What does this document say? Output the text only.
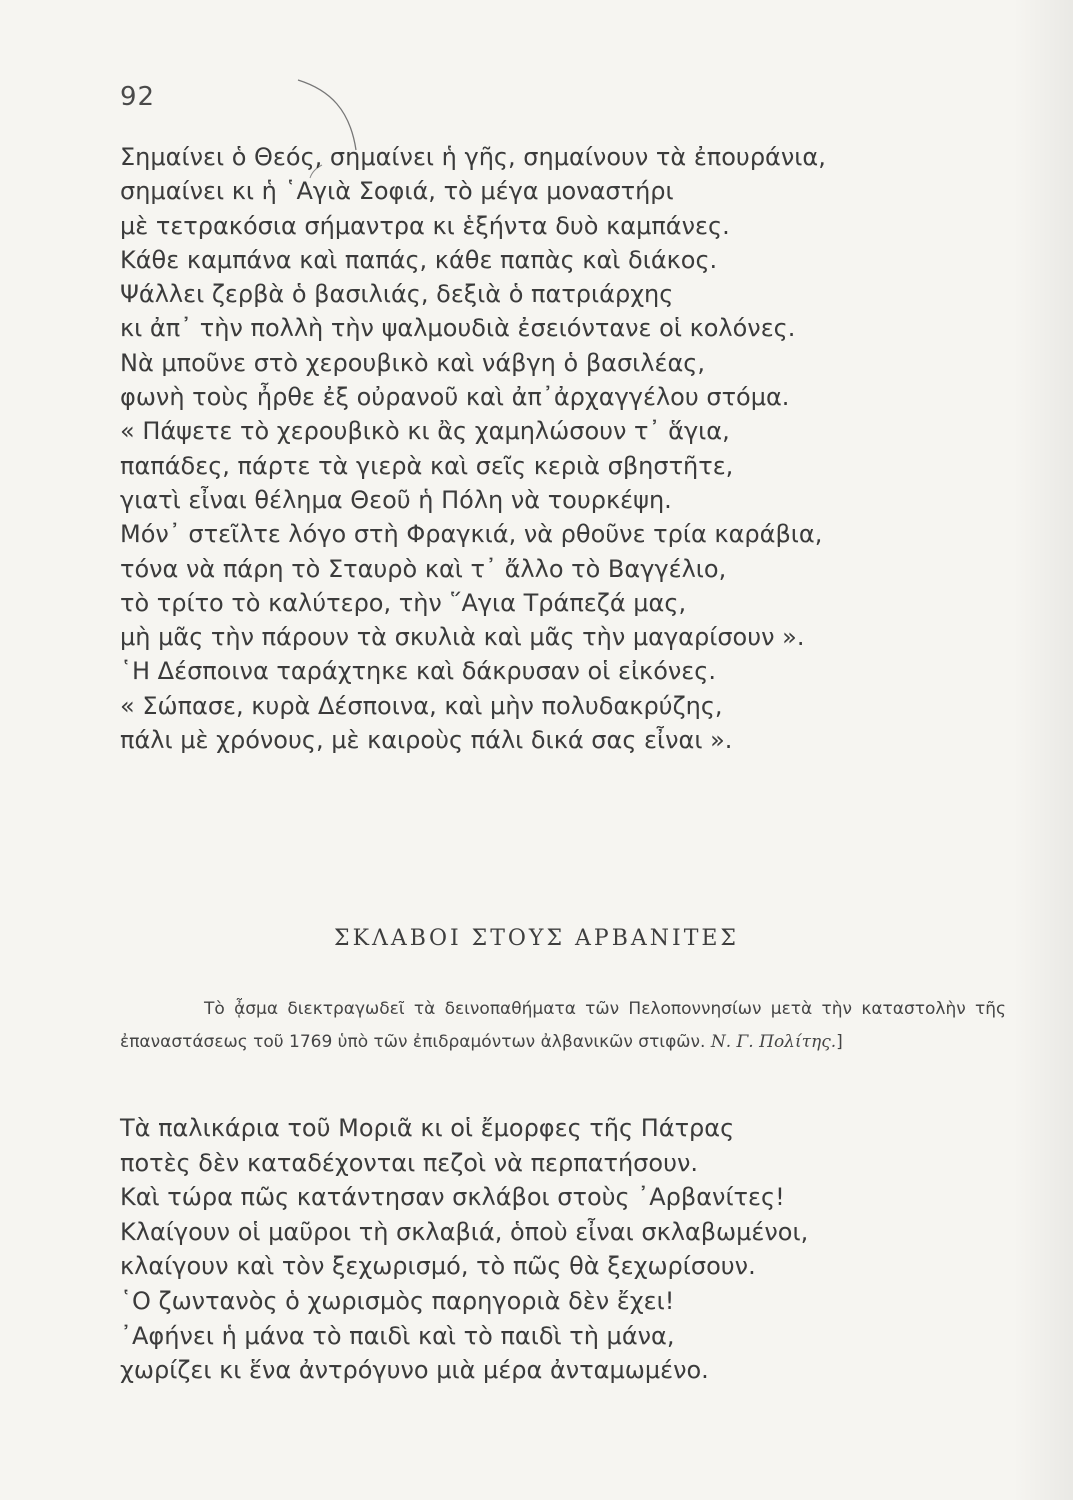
92
Σημαίνει ὁ Θεός, σημαίνει ἡ γῆς, σημαίνουν τὰ ἐπουράνια,
σημαίνει κι ἡ ῾Αγιὰ Σοφιά, τὸ μέγα μοναστήρι
μὲ τετρακόσια σήμαντρα κι ἑξήντα δυὸ καμπάνες.
Κάθε καμπάνα καὶ παπάς, κάθε παπὰς καὶ διάκος.
Ψάλλει ζερβὰ ὁ βασιλιάς, δεξιὰ ὁ πατριάρχης
κι ἀπ᾽ τὴν πολλὴ τὴν ψαλμουδιὰ ἐσειόντανε οἱ κολόνες.
Νὰ μποῦνε στὸ χερουβικὸ καὶ νάβγη ὁ βασιλέας,
φωνὴ τοὺς ἦρθε ἐξ οὐρανοῦ καὶ ἀπ᾽ἀρχαγγέλου στόμα.
« Πάψετε τὸ χερουβικὸ κι ἂς χαμηλώσουν τ᾽ ἅγια,
παπάδες, πάρτε τὰ γιερὰ καὶ σεῖς κεριὰ σβηστῆτε,
γιατὶ εἶναι θέλημα Θεοῦ ἡ Πόλη νὰ τουρκέψη.
Μόν᾽ στεῖλτε λόγο στὴ Φραγκιά, νὰ ρθοῦνε τρία καράβια,
τόνα νὰ πάρη τὸ Σταυρὸ καὶ τ᾽ ἄλλο τὸ Βαγγέλιο,
τὸ τρίτο τὸ καλύτερο, τὴν ῞Αγια Τράπεζά μας,
μὴ μᾶς τὴν πάρουν τὰ σκυλιὰ καὶ μᾶς τὴν μαγαρίσουν ».
῾Η Δέσποινα ταράχτηκε καὶ δάκρυσαν οἱ εἰκόνες.
« Σώπασε, κυρὰ Δέσποινα, καὶ μὴν πολυδακρύζης,
πάλι μὲ χρόνους, μὲ καιροὺς πάλι δικά σας εἶναι ».
ΣΚΛΑΒΟΙ ΣΤΟΥΣ ΑΡΒΑΝΙΤΕΣ

Τὸ ᾆσμα διεκτραγωδεῖ τὰ δεινοπαθήματα τῶν Πελοποννησίων μετὰ τὴν καταστολὴν τῆς ἐπαναστάσεως τοῦ 1769 ὑπὸ τῶν ἐπιδραμόντων ἀλβανικῶν στιφῶν. Ν. Γ. Πολίτης.]

Τὰ παλικάρια τοῦ Μοριᾶ κι οἱ ἔμορφες τῆς Πάτρας
ποτὲς δὲν καταδέχονται πεζοὶ νὰ περπατήσουν.
Καὶ τώρα πῶς κατάντησαν σκλάβοι στοὺς ᾽Αρβανίτες!
Κλαίγουν οἱ μαῦροι τὴ σκλαβιά, ὁποὺ εἶναι σκλαβωμένοι,
κλαίγουν καὶ τὸν ξεχωρισμό, τὸ πῶς θὰ ξεχωρίσουν.
῾Ο ζωντανὸς ὁ χωρισμὸς παρηγοριὰ δὲν ἔχει!
᾽Αφήνει ἡ μάνα τὸ παιδὶ καὶ τὸ παιδὶ τὴ μάνα,
χωρίζει κι ἕνα ἀντρόγυνο μιὰ μέρα ἀνταμωμένο.
